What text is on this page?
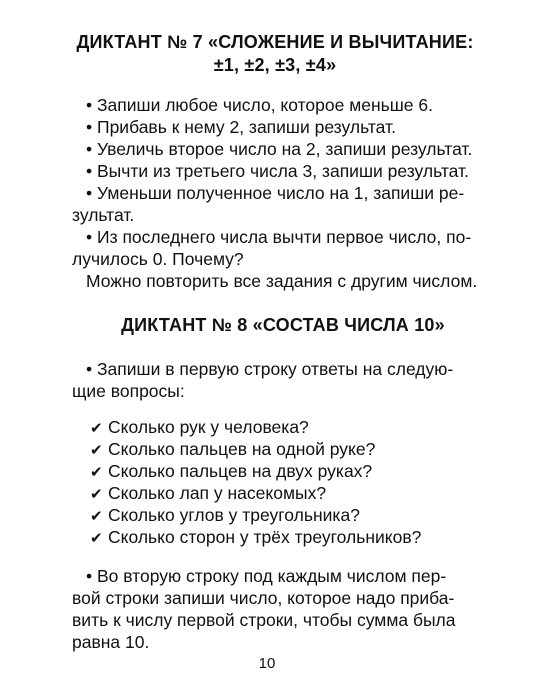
ДИКТАНТ № 7 «СЛОЖЕНИЕ И ВЫЧИТАНИЕ:
±1, ±2, ±3, ±4»
• Запиши любое число, которое меньше 6.
• Прибавь к нему 2, запиши результат.
• Увеличь второе число на 2, запиши результат.
• Вычти из третьего числа 3, запиши результат.
• Уменьши полученное число на 1, запиши ре-
зультат.
• Из последнего числа вычти первое число, по-
лучилось 0. Почему?
Можно повторить все задания с другим числом.
ДИКТАНТ № 8 «СОСТАВ ЧИСЛА 10»
• Запиши в первую строку ответы на следую-
щие вопросы:
✔ Сколько рук у человека?
✔ Сколько пальцев на одной руке?
✔ Сколько пальцев на двух руках?
✔ Сколько лап у насекомых?
✔ Сколько углов у треугольника?
✔ Сколько сторон у трёх треугольников?
• Во вторую строку под каждым числом пер-
вой строки запиши число, которое надо приба-
вить к числу первой строки, чтобы сумма была
равна 10.
10
